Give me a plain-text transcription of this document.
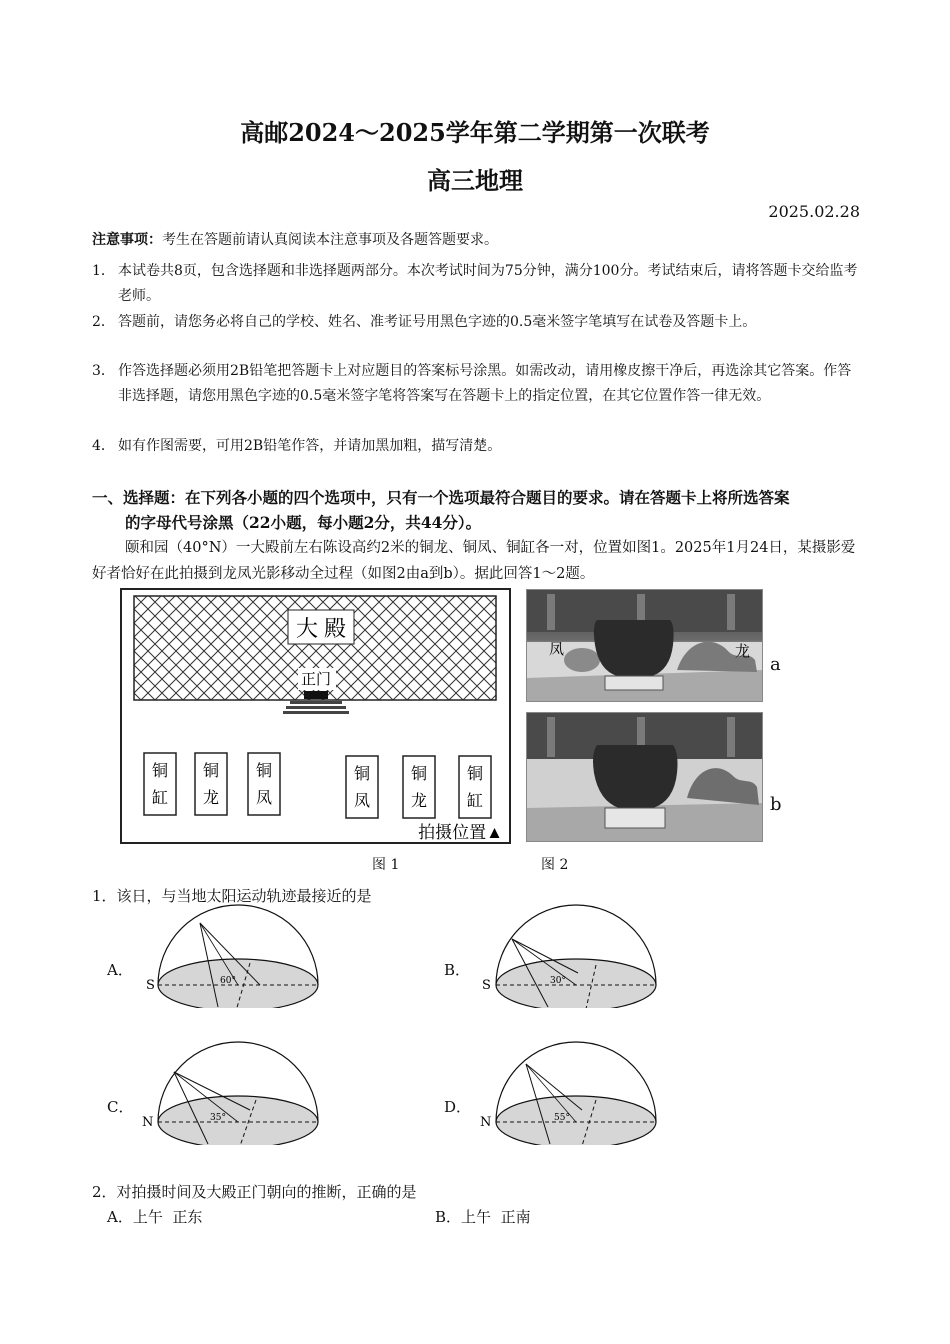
高邮2024～2025学年第二学期第一次联考
高三地理
2025.02.28
注意事项：考生在答题前请认真阅读本注意事项及各题答题要求。
1． 本试卷共8页，包含选择题和非选择题两部分。本次考试时间为75分钟，满分100分。考试结束后，请将答题卡交给监考老师。
2． 答题前，请您务必将自己的学校、姓名、准考证号用黑色字迹的0.5毫米签字笔填写在试卷及答题卡上。
3． 作答选择题必须用2B铅笔把答题卡上对应题目的答案标号涂黑。如需改动，请用橡皮擦干净后，再选涂其它答案。作答非选择题，请您用黑色字迹的0.5毫米签字笔将答案写在答题卡上的指定位置，在其它位置作答一律无效。
4． 如有作图需要，可用2B铅笔作答，并请加黑加粗，描写清楚。
一、选择题：在下列各小题的四个选项中，只有一个选项最符合题目的要求。请在答题卡上将所选答案
的字母代号涂黑（22小题，每小题2分，共44分）。
颐和园（40°N）一大殿前左右陈设高约2米的铜龙、铜凤、铜缸各一对，位置如图1。2025年1月24日，某摄影爱好者恰好在此拍摄到龙凤光影移动全过程（如图2由a到b）。据此回答1～2题。
大 殿
正门
铜
缸
铜
龙
铜
凤
铜
凤
铜
龙
铜
缸
拍摄位置▲
图 1
凤	龙
a
b
图 2
1．该日，与当地太阳运动轨迹最接近的是
A．
S	60°
B．
S	30°
C．
N	35°
D．
N	55°
2．对拍摄时间及大殿正门朝向的推断，正确的是
A．上午  正东	B．上午  正南
